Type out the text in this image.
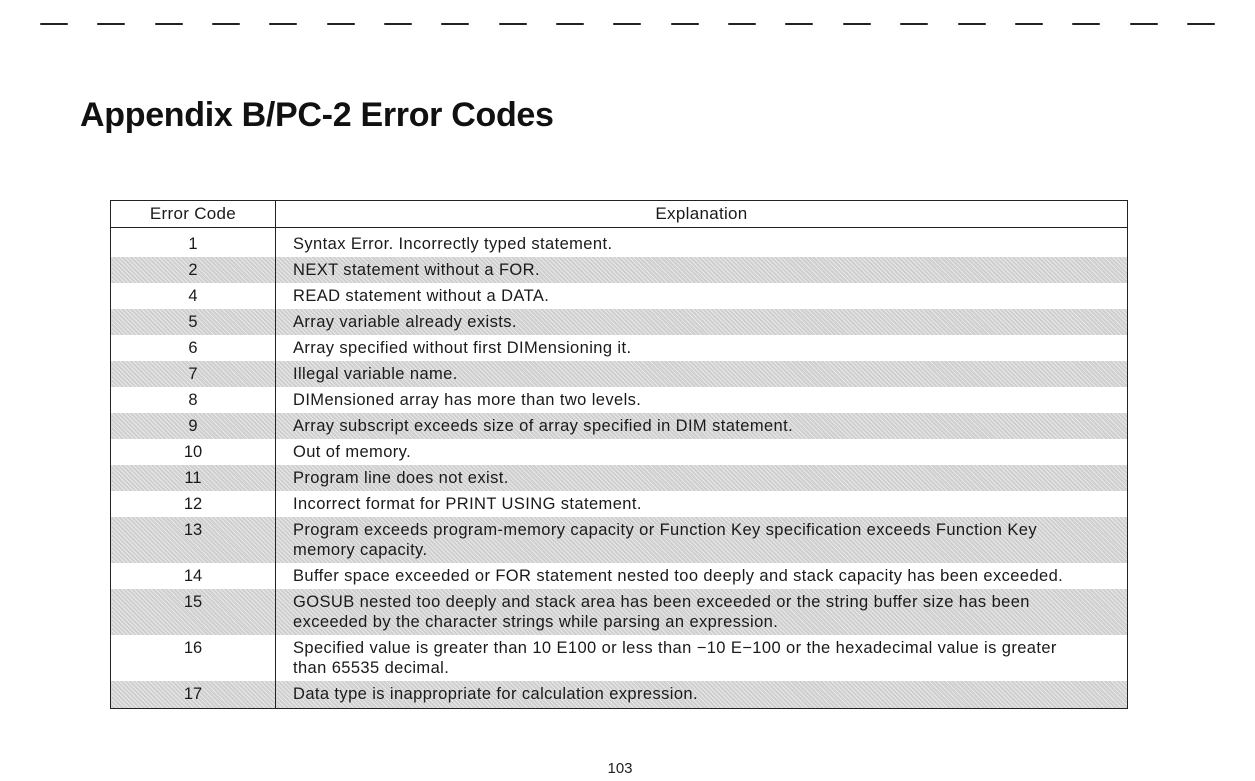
Appendix B/PC-2 Error Codes
Error Code	Explanation
1	Syntax Error. Incorrectly typed statement.
2	NEXT statement without a FOR.
4	READ statement without a DATA.
5	Array variable already exists.
6	Array specified without first DIMensioning it.
7	Illegal variable name.
8	DIMensioned array has more than two levels.
9	Array subscript exceeds size of array specified in DIM statement.
10	Out of memory.
11	Program line does not exist.
12	Incorrect format for PRINT USING statement.
13	Program exceeds program-memory capacity or Function Key specification exceeds Function Key memory capacity.
14	Buffer space exceeded or FOR statement nested too deeply and stack capacity has been exceeded.
15	GOSUB nested too deeply and stack area has been exceeded or the string buffer size has been exceeded by the character strings while parsing an expression.
16	Specified value is greater than 10 E100 or less than −10 E−100 or the hexadecimal value is greater than 65535 decimal.
17	Data type is inappropriate for calculation expression.
103
